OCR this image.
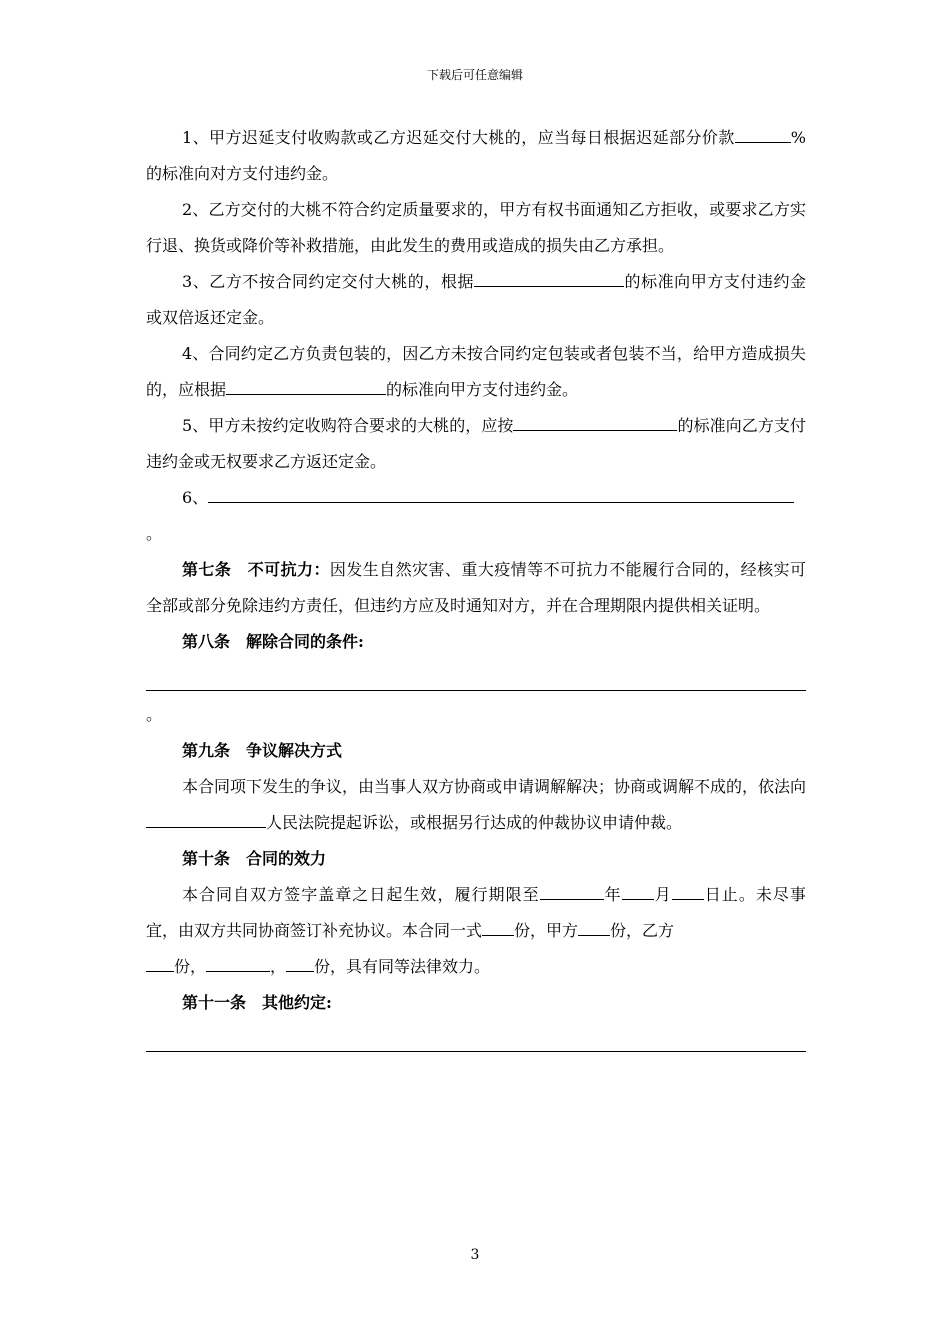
下载后可任意编辑

1、甲方迟延支付收购款或乙方迟延交付大桃的，应当每日根据迟延部分价款	%的标准向对方支付违约金。

2、乙方交付的大桃不符合约定质量要求的，甲方有权书面通知乙方拒收，或要求乙方实行退、换货或降价等补救措施，由此发生的费用或造成的损失由乙方承担。

3、乙方不按合同约定交付大桃的，根据	的标准向甲方支付违约金或双倍返还定金。

4、合同约定乙方负责包装的，因乙方未按合同约定包装或者包装不当，给甲方造成损失的，应根据	的标准向甲方支付违约金。

5、甲方未按约定收购符合要求的大桃的，应按	的标准向乙方支付违约金或无权要求乙方返还定金。

6、

。

第七条 不可抗力：因发生自然灾害、重大疫情等不可抗力不能履行合同的，经核实可全部或部分免除违约方责任，但违约方应及时通知对方，并在合理期限内提供相关证明。

第八条 解除合同的条件:

。

第九条 争议解决方式

本合同项下发生的争议，由当事人双方协商或申请调解解决；协商或调解不成的，依法向人民法院提起诉讼，或根据另行达成的仲裁协议申请仲裁。

第十条 合同的效力

本合同自双方签字盖章之日起生效，履行期限至	年 月 日止。未尽事宜，由双方共同协商签订补充协议。本合同一式 份，甲方 份，乙方

份，	， 份，具有同等法律效力。

第十一条 其他约定:

3
